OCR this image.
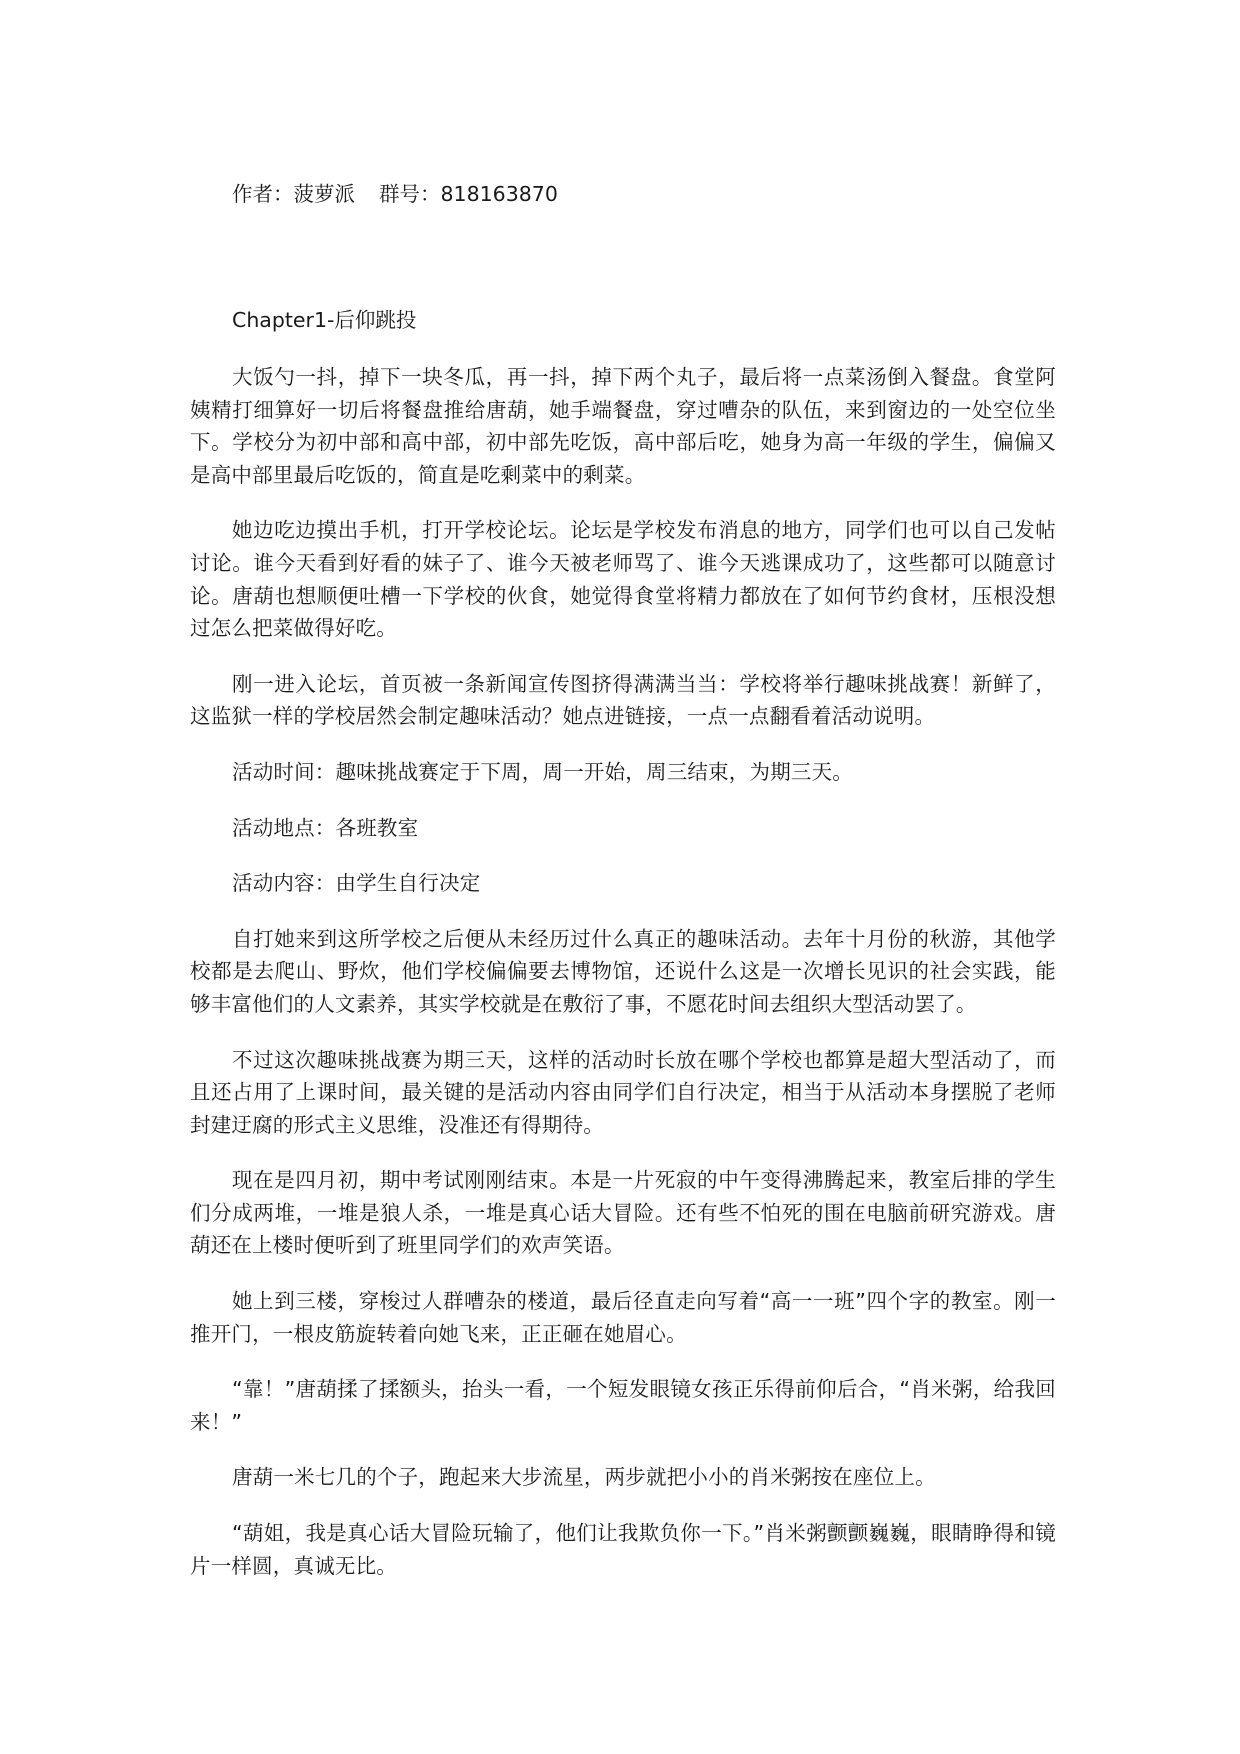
作者：菠萝派 群号：818163870

Chapter1-后仰跳投

大饭勺一抖，掉下一块冬瓜，再一抖，掉下两个丸子，最后将一点菜汤倒入餐盘。食堂阿姨精打细算好一切后将餐盘推给唐葫，她手端餐盘，穿过嘈杂的队伍，来到窗边的一处空位坐下。学校分为初中部和高中部，初中部先吃饭，高中部后吃，她身为高一年级的学生，偏偏又是高中部里最后吃饭的，简直是吃剩菜中的剩菜。

她边吃边摸出手机，打开学校论坛。论坛是学校发布消息的地方，同学们也可以自己发帖讨论。谁今天看到好看的妹子了、谁今天被老师骂了、谁今天逃课成功了，这些都可以随意讨论。唐葫也想顺便吐槽一下学校的伙食，她觉得食堂将精力都放在了如何节约食材，压根没想过怎么把菜做得好吃。

刚一进入论坛，首页被一条新闻宣传图挤得满满当当：学校将举行趣味挑战赛！新鲜了，这监狱一样的学校居然会制定趣味活动？她点进链接，一点一点翻看着活动说明。

活动时间：趣味挑战赛定于下周，周一开始，周三结束，为期三天。

活动地点：各班教室

活动内容：由学生自行决定

自打她来到这所学校之后便从未经历过什么真正的趣味活动。去年十月份的秋游，其他学校都是去爬山、野炊，他们学校偏偏要去博物馆，还说什么这是一次增长见识的社会实践，能够丰富他们的人文素养，其实学校就是在敷衍了事，不愿花时间去组织大型活动罢了。

不过这次趣味挑战赛为期三天，这样的活动时长放在哪个学校也都算是超大型活动了，而且还占用了上课时间，最关键的是活动内容由同学们自行决定，相当于从活动本身摆脱了老师封建迂腐的形式主义思维，没准还有得期待。

现在是四月初，期中考试刚刚结束。本是一片死寂的中午变得沸腾起来，教室后排的学生们分成两堆，一堆是狼人杀，一堆是真心话大冒险。还有些不怕死的围在电脑前研究游戏。唐葫还在上楼时便听到了班里同学们的欢声笑语。

她上到三楼，穿梭过人群嘈杂的楼道，最后径直走向写着“高一一班”四个字的教室。刚一推开门，一根皮筋旋转着向她飞来，正正砸在她眉心。

“靠！”唐葫揉了揉额头，抬头一看，一个短发眼镜女孩正乐得前仰后合，“肖米粥，给我回来！”

唐葫一米七几的个子，跑起来大步流星，两步就把小小的肖米粥按在座位上。

“葫姐，我是真心话大冒险玩输了，他们让我欺负你一下。”肖米粥颤颤巍巍，眼睛睁得和镜片一样圆，真诚无比。
